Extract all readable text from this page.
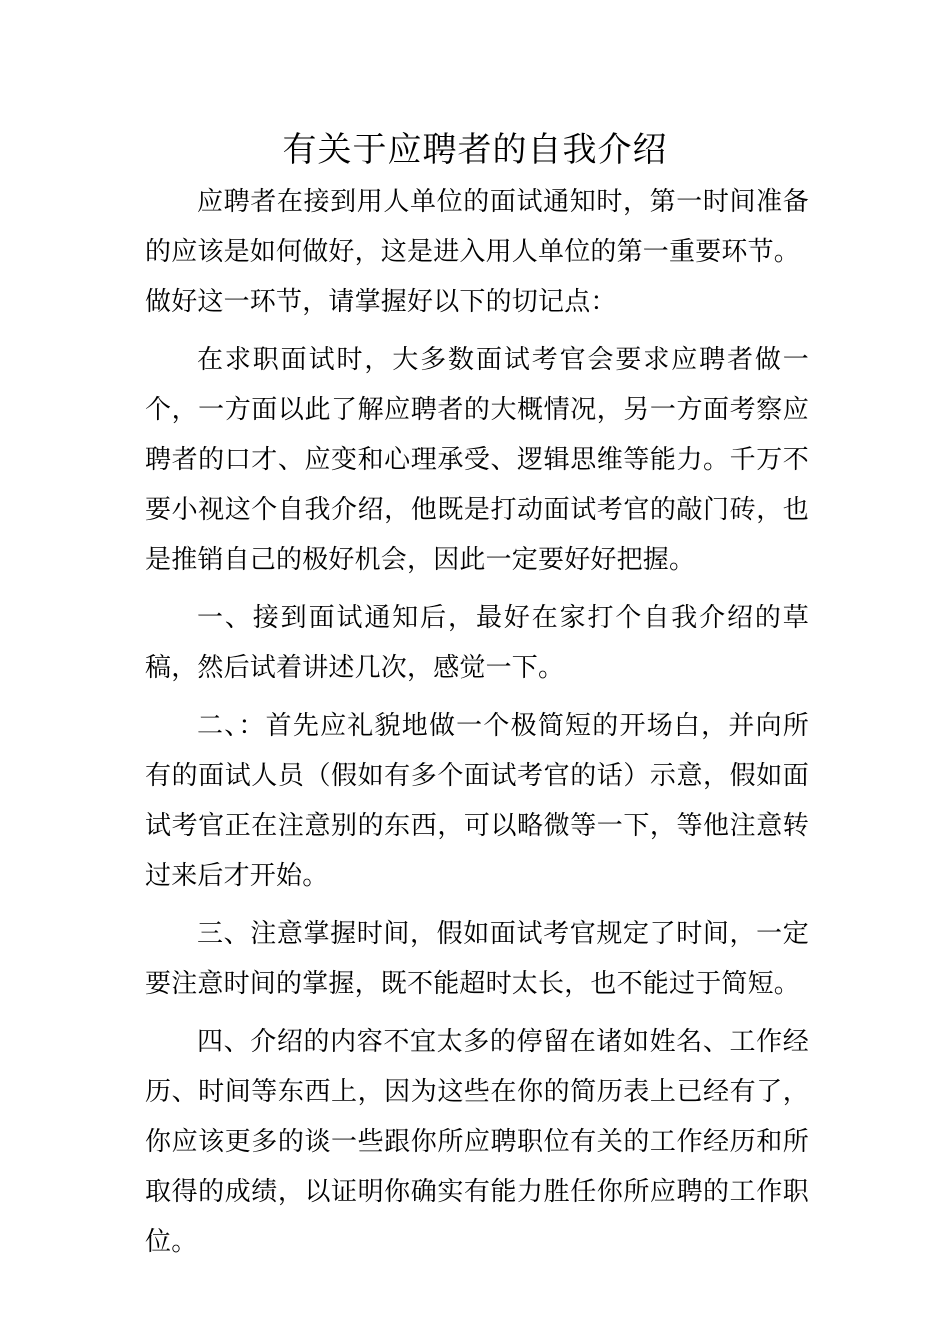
有关于应聘者的自我介绍

应聘者在接到用人单位的面试通知时，第一时间准备的应该是如何做好，这是进入用人单位的第一重要环节。

做好这一环节，请掌握好以下的切记点：

在求职面试时，大多数面试考官会要求应聘者做一个，一方面以此了解应聘者的大概情况，另一方面考察应聘者的口才、应变和心理承受、逻辑思维等能力。千万不要小视这个自我介绍，他既是打动面试考官的敲门砖，也是推销自己的极好机会，因此一定要好好把握。

一、接到面试通知后，最好在家打个自我介绍的草稿，然后试着讲述几次，感觉一下。

二、：首先应礼貌地做一个极简短的开场白，并向所有的面试人员（假如有多个面试考官的话）示意，假如面试考官正在注意别的东西，可以略微等一下，等他注意转过来后才开始。

三、注意掌握时间，假如面试考官规定了时间，一定要注意时间的掌握，既不能超时太长，也不能过于简短。

四、介绍的内容不宜太多的停留在诸如姓名、工作经历、时间等东西上，因为这些在你的简历表上已经有了，你应该更多的谈一些跟你所应聘职位有关的工作经历和所取得的成绩，以证明你确实有能力胜任你所应聘的工作职位。
